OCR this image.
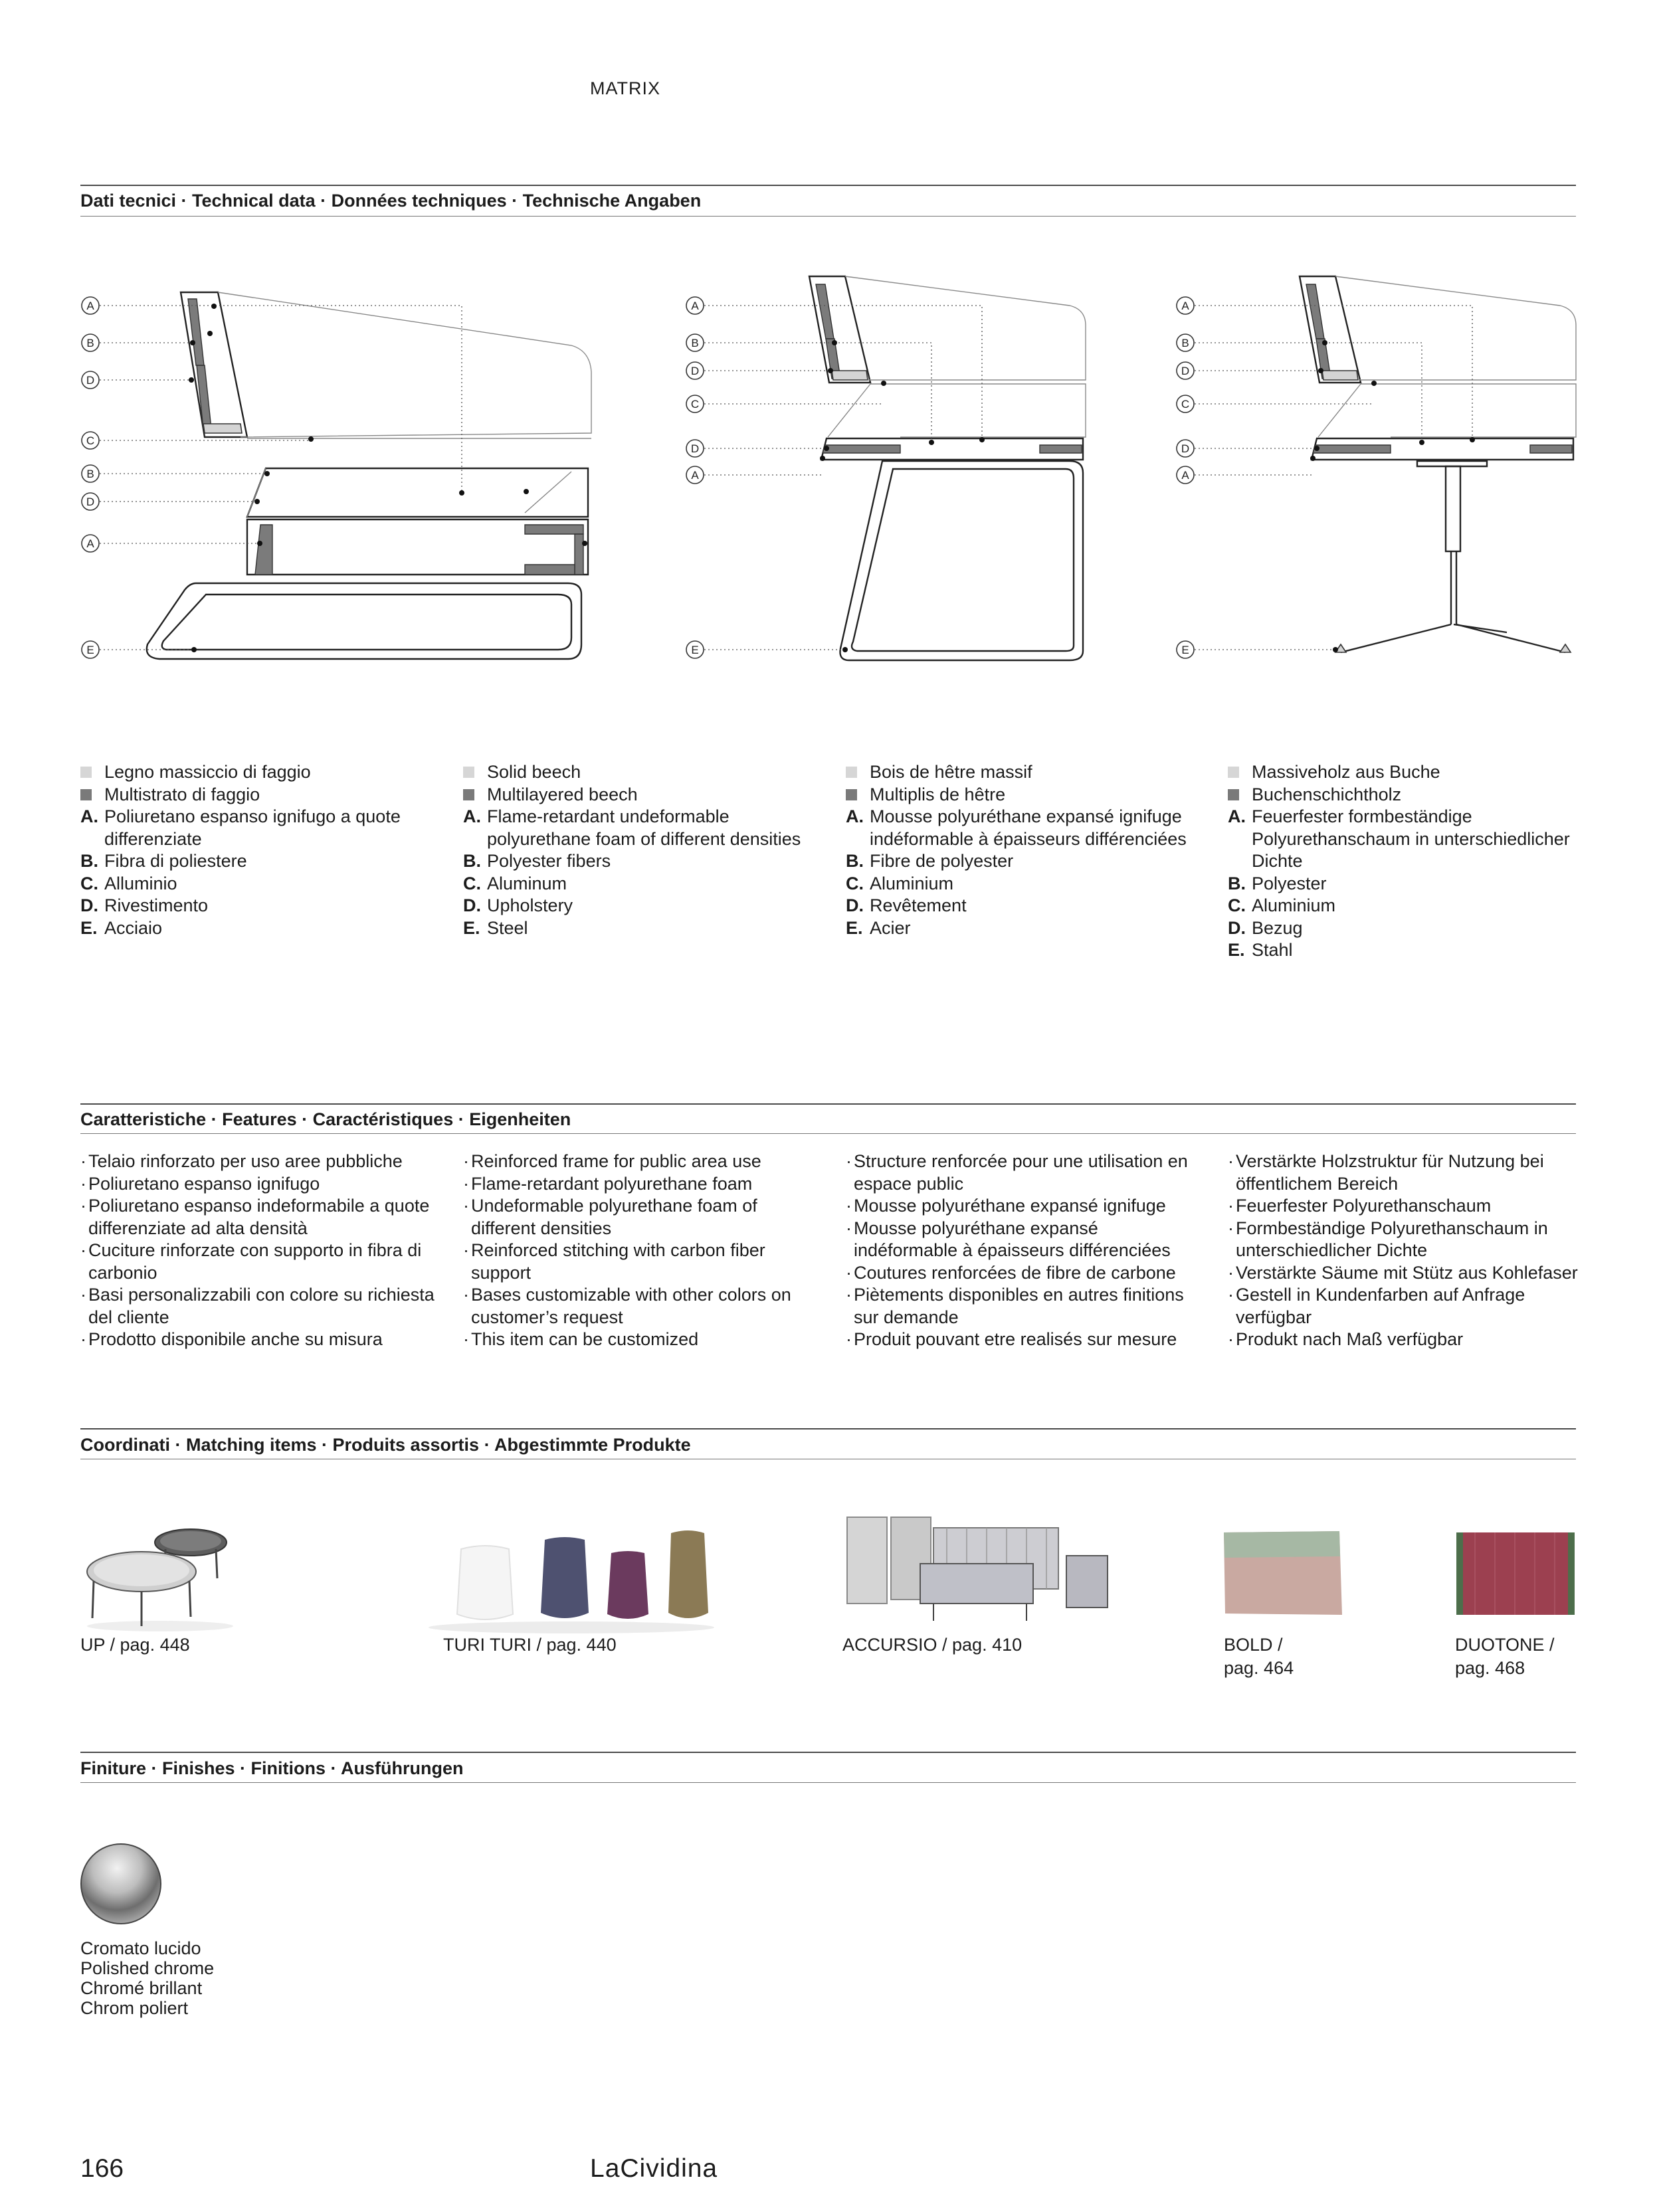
MATRIX
Dati tecnici · Technical data · Données techniques · Technische Angaben
A
B
D
C
B
D
A
E
A
B
D
C
D
A
E
A
B
D
C
D
A
E
Legno massiccio di faggio
Multistrato di faggio
A. Poliuretano espanso ignifugo a quote differenziate
B. Fibra di poliestere
C. Alluminio
D. Rivestimento
E. Acciaio
Solid beech
Multilayered beech
A. Flame-retardant undeformable polyurethane foam of different densities
B. Polyester fibers
C. Aluminum
D. Upholstery
E. Steel
Bois de hêtre massif
Multiplis de hêtre
A. Mousse polyuréthane expansé ignifuge indéformable à épaisseurs différenciées
B. Fibre de polyester
C. Aluminium
D. Revêtement
E. Acier
Massiveholz aus Buche
Buchenschichtholz
A. Feuerfester formbeständige Polyurethanschaum in unterschiedlicher Dichte
B. Polyester
C. Aluminium
D. Bezug
E. Stahl
Caratteristiche · Features · Caractéristiques · Eigenheiten
· Telaio rinforzato per uso aree pubbliche
· Poliuretano espanso ignifugo
· Poliuretano espanso indeformabile a quote differenziate ad alta densità
· Cuciture rinforzate con supporto in fibra di carbonio
· Basi personalizzabili con colore su richiesta del cliente
· Prodotto disponibile anche su misura
· Reinforced frame for public area use
· Flame-retardant polyurethane foam
· Undeformable polyurethane foam of different densities
· Reinforced stitching with carbon fiber support
· Bases customizable with other colors on customer’s request
· This item can be customized
· Structure renforcée pour une utilisation en espace public
· Mousse polyuréthane expansé ignifuge
· Mousse polyuréthane expansé indéformable à épaisseurs différenciées
· Coutures renforcées de fibre de carbone
· Piètements disponibles en autres finitions sur demande
· Produit pouvant etre realisés sur mesure
· Verstärkte Holzstruktur für Nutzung bei öffentlichem Bereich
· Feuerfester Polyurethanschaum
· Formbeständige Polyurethanschaum in unterschiedlicher Dichte
· Verstärkte Säume mit Stütz aus Kohlefaser
· Gestell in Kundenfarben auf Anfrage verfügbar
· Produkt nach Maß verfügbar
Coordinati · Matching items · Produits assortis · Abgestimmte Produkte
UP / pag. 448	TURI TURI / pag. 440	ACCURSIO / pag. 410	BOLD /
pag. 464
DUOTONE /
pag. 468
Finiture · Finishes · Finitions · Ausführungen
Cromato lucido
Polished chrome
Chromé brillant
Chrom poliert
166	LaCividina
